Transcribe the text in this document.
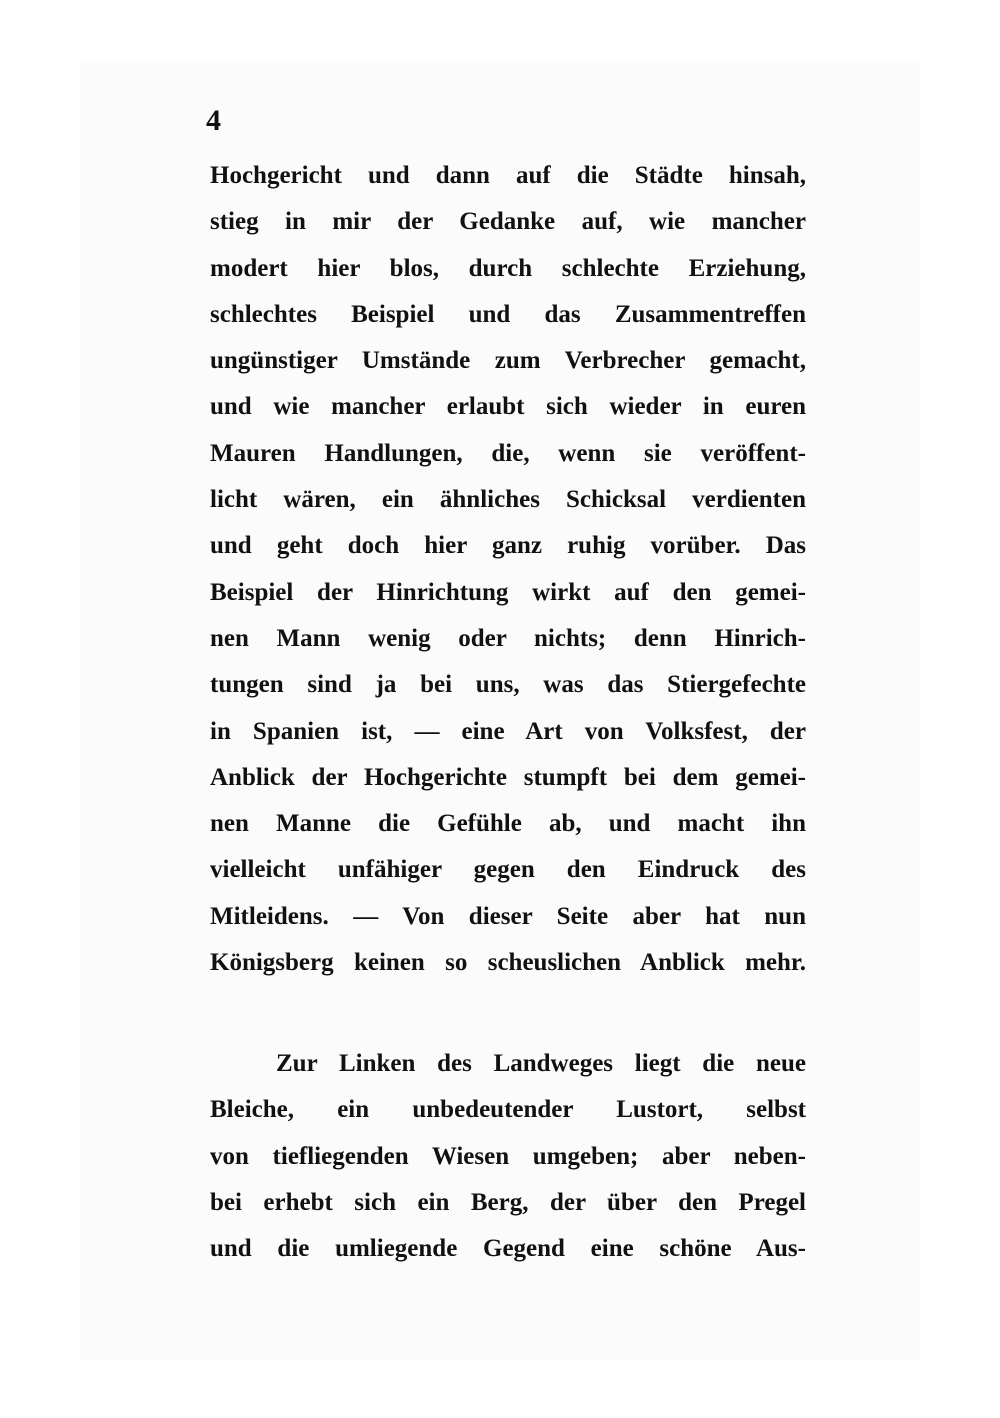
4
Hochgericht und dann auf die Städte hinsah,
stieg in mir der Gedanke auf, wie mancher
modert hier blos, durch schlechte Erziehung,
schlechtes Beispiel und das Zusammentreffen
ungünstiger Umstände zum Verbrecher gemacht,
und wie mancher erlaubt sich wieder in euren
Mauren Handlungen, die, wenn sie veröffent-
licht wären, ein ähnliches Schicksal verdienten
und geht doch hier ganz ruhig vorüber. Das
Beispiel der Hinrichtung wirkt auf den gemei-
nen Mann wenig oder nichts; denn Hinrich-
tungen sind ja bei uns, was das Stiergefechte
in Spanien ist, — eine Art von Volksfest, der
Anblick der Hochgerichte stumpft bei dem gemei-
nen Manne die Gefühle ab, und macht ihn
vielleicht unfähiger gegen den Eindruck des
Mitleidens. — Von dieser Seite aber hat nun
Königsberg keinen so scheuslichen Anblick mehr.
Zur Linken des Landweges liegt die neue
Bleiche, ein unbedeutender Lustort, selbst
von tiefliegenden Wiesen umgeben; aber neben-
bei erhebt sich ein Berg, der über den Pregel
und die umliegende Gegend eine schöne Aus-
